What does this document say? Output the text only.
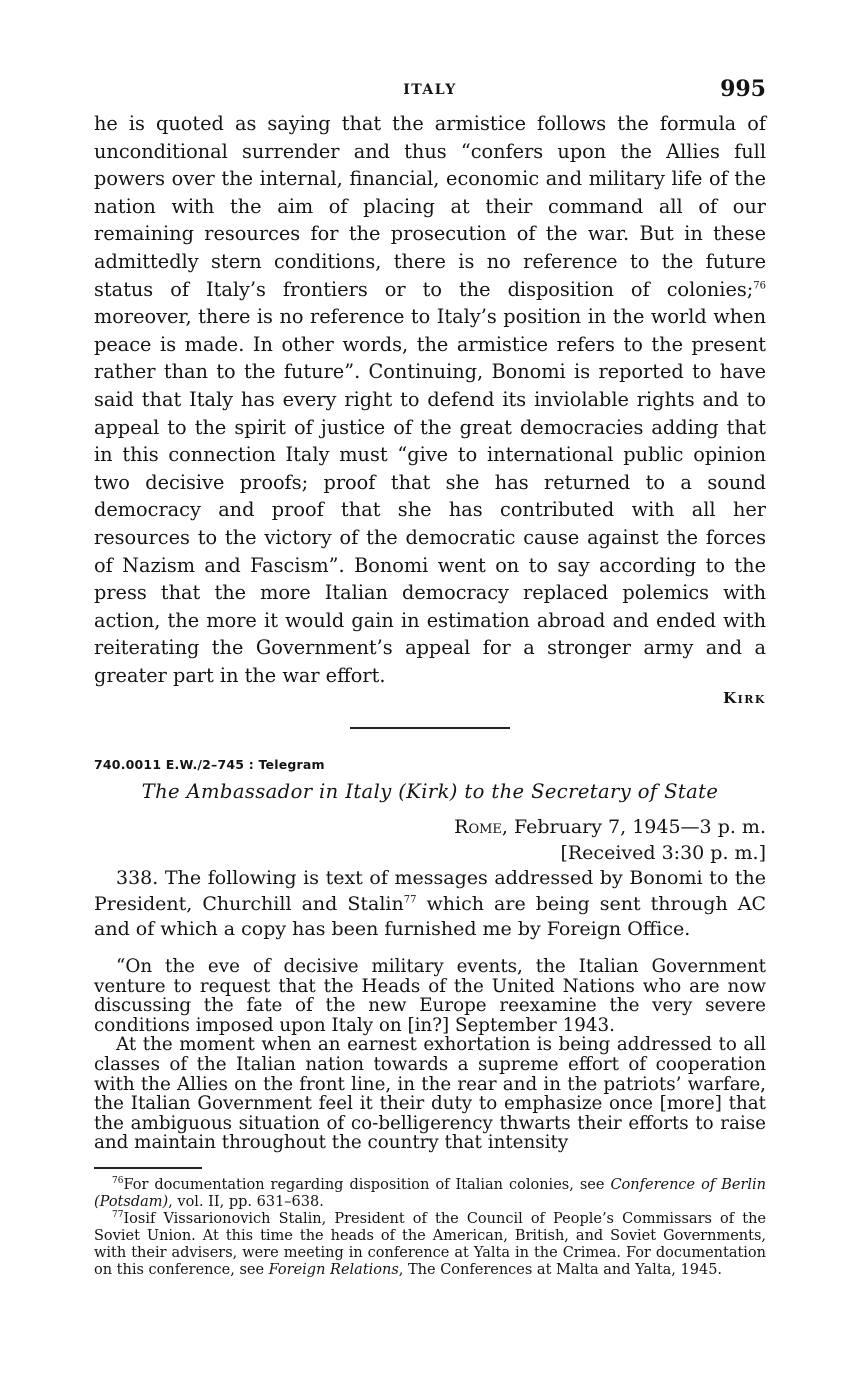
ITALY	995

he is quoted as saying that the armistice follows the formula of unconditional surrender and thus “confers upon the Allies full powers over the internal, financial, economic and military life of the nation with the aim of placing at their command all of our remaining resources for the prosecution of the war. But in these admittedly stern conditions, there is no reference to the future status of Italy’s frontiers or to the disposition of colonies;$^{76}$ moreover, there is no reference to Italy’s position in the world when peace is made. In other words, the armistice refers to the present rather than to the future”. Continuing, Bonomi is reported to have said that Italy has every right to defend its inviolable rights and to appeal to the spirit of justice of the great democracies adding that in this connection Italy must “give to international public opinion two decisive proofs; proof that she has returned to a sound democracy and proof that she has contributed with all her resources to the victory of the democratic cause against the forces of Nazism and Fascism”. Bonomi went on to say according to the press that the more Italian democracy replaced polemics with action, the more it would gain in estimation abroad and ended with reiterating the Government’s appeal for a stronger army and a greater part in the war effort.

Kirk
740.0011 E.W./2–745 : Telegram
The Ambassador in Italy (Kirk) to the Secretary of State
Rome, February 7, 1945—3 p. m.
[Received 3:30 p. m.]

338. The following is text of messages addressed by Bonomi to the President, Churchill and Stalin$^{77}$ which are being sent through AC and of which a copy has been furnished me by Foreign Office.

“On the eve of decisive military events, the Italian Government venture to request that the Heads of the United Nations who are now discussing the fate of the new Europe reexamine the very severe conditions imposed upon Italy on [in?] September 1943.

At the moment when an earnest exhortation is being addressed to all classes of the Italian nation towards a supreme effort of cooperation with the Allies on the front line, in the rear and in the patriots’ warfare, the Italian Government feel it their duty to emphasize once [more] that the ambiguous situation of co-belligerency thwarts their efforts to raise and maintain throughout the country that intensity

$^{76}$For documentation regarding disposition of Italian colonies, see Conference of Berlin (Potsdam), vol. II, pp. 631–638.

$^{77}$Iosif Vissarionovich Stalin, President of the Council of People’s Commissars of the Soviet Union. At this time the heads of the American, British, and Soviet Governments, with their advisers, were meeting in conference at Yalta in the Crimea. For documentation on this conference, see Foreign Relations, The Conferences at Malta and Yalta, 1945.
